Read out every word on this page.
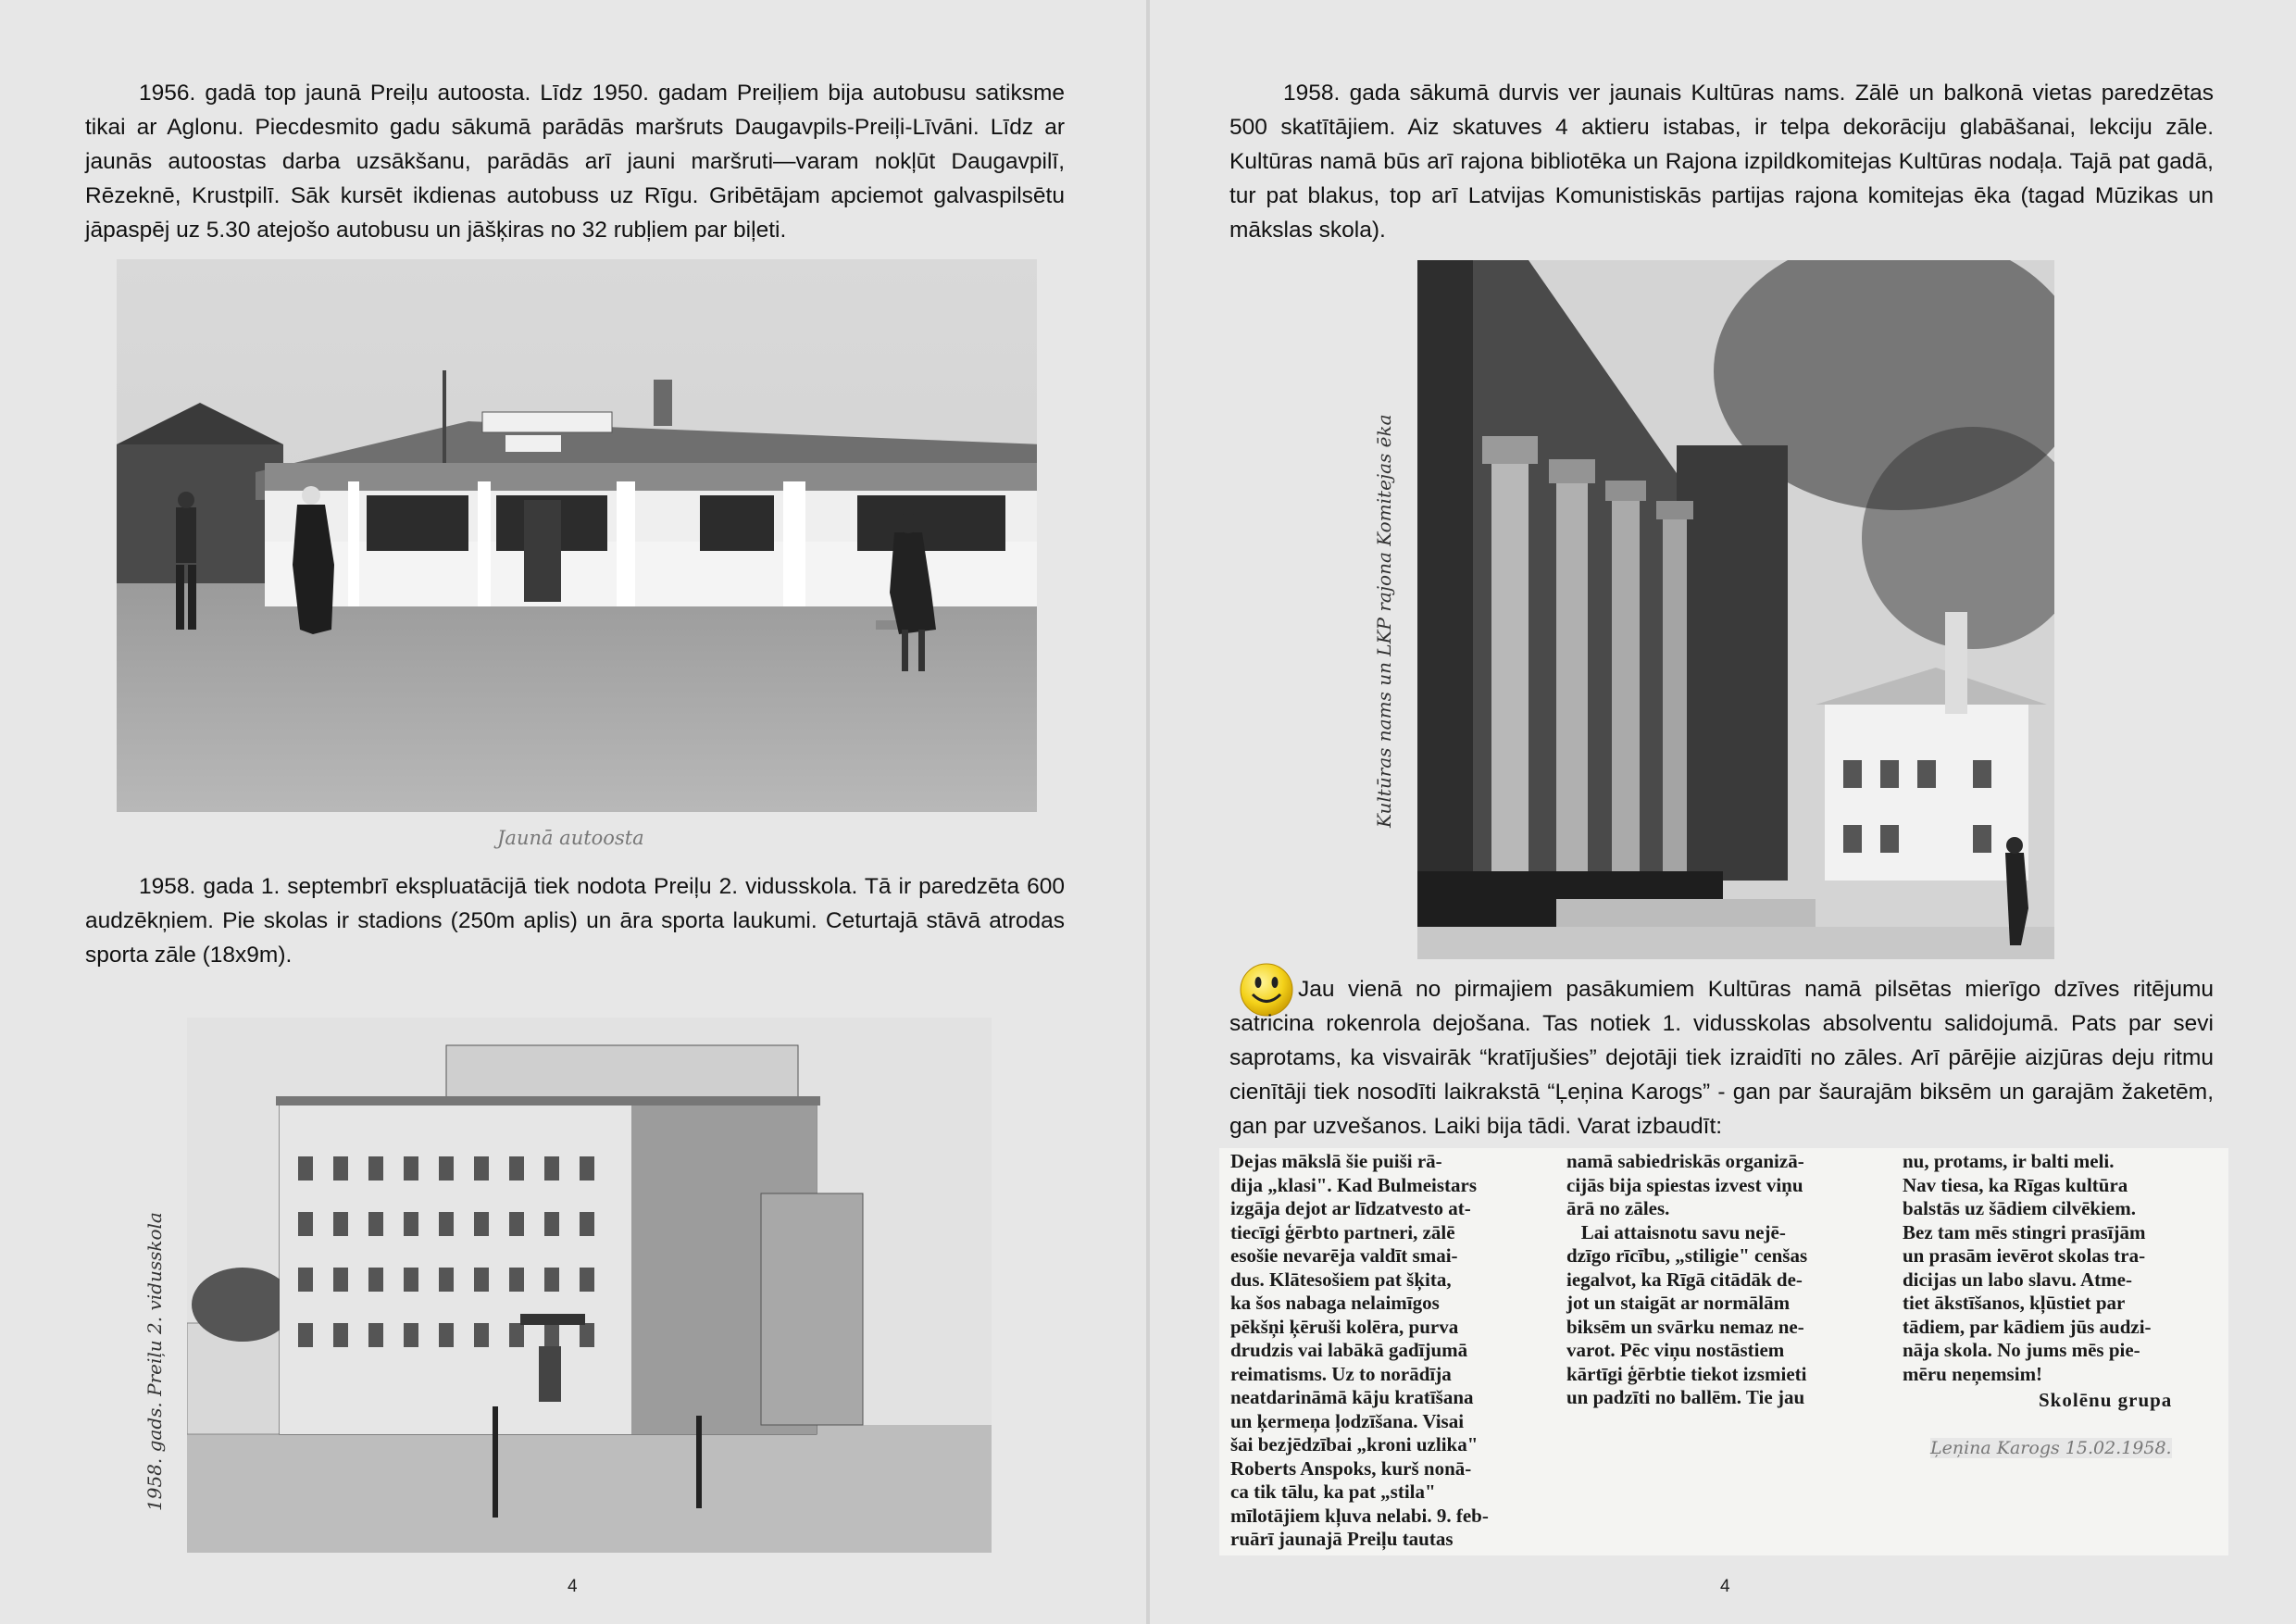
1956. gadā top jaunā Preiļu autoosta. Līdz 1950. gadam Preiļiem bija autobusu satiksme tikai ar Aglonu. Piecdesmito gadu sākumā parādās maršruts Daugavpils-Preiļi-Līvāni. Līdz ar jaunās autoostas darba uzsākšanu, parādās arī jauni maršruti—varam nokļūt Daugavpilī, Rēzeknē, Krustpilī. Sāk kursēt ikdienas autobuss uz Rīgu. Gribētājam apciemot galvaspilsētu jāpaspēj uz 5.30 atejošo autobusu un jāšķiras no 32 rubļiem par biļeti.

Jaunā autoosta

1958. gada 1. septembrī ekspluatācijā tiek nodota Preiļu 2. vidusskola. Tā ir paredzēta 600 audzēkņiem. Pie skolas ir stadions (250m aplis) un āra sporta laukumi. Ceturtajā stāvā atrodas sporta zāle (18x9m).

1958. gads. Preiļu 2. vidusskola
4

1958. gada sākumā durvis ver jaunais Kultūras nams. Zālē un balkonā vietas paredzētas 500 skatītājiem. Aiz skatuves 4 aktieru istabas, ir telpa dekorāciju glabāšanai, lekciju zāle. Kultūras namā būs arī rajona bibliotēka un Rajona izpildkomitejas Kultūras nodaļa. Tajā pat gadā, tur pat blakus, top arī Latvijas Komunistiskās partijas rajona komitejas ēka (tagad Mūzikas un mākslas skola).

Kultūras nams un LKP rajona Komitejas ēka

Jau vienā no pirmajiem pasākumiem Kultūras namā pilsētas mierīgo dzīves ritējumu satricina rokenrola dejošana. Tas notiek 1. vidusskolas absolventu salidojumā. Pats par sevi saprotams, ka visvairāk “kratījušies” dejotāji tiek izraidīti no zāles. Arī pārējie aizjūras deju ritmu cienītāji tiek nosodīti laikrakstā “Ļeņina Karogs” - gan par šaurajām biksēm un garajām žaketēm, gan par uzvešanos. Laiki bija tādi. Varat izbaudīt:

Dejas mākslā šie puiši rā-
dija „klasi". Kad Bulmeistars
izgāja dejot ar līdzatvesto at-
tiecīgi ģērbto partneri, zālē
esošie nevarēja valdīt smai-
dus. Klātesošiem pat šķita,
ka šos nabaga nelaimīgos
pēkšņi ķēruši kolēra, purva
drudzis vai labākā gadījumā
reimatisms. Uz to norādīja
neatdarināmā kāju kratīšana
un ķermeņa ļodzīšana. Visai
šai bezjēdzībai „kroni uzlika"
Roberts Anspoks, kurš nonā-
ca tik tālu, ka pat „stila"
mīlotājiem kļuva nelabi. 9. feb-
ruārī jaunajā Preiļu tautas
namā sabiedriskās organizā-
cijās bija spiestas izvest viņu
ārā no zāles.
Lai attaisnotu savu nejē-
dzīgo rīcību, „stiligie" cenšas
iegalvot, ka Rīgā citādāk de-
jot un staigāt ar normālām
biksēm un svārku nemaz ne-
varot. Pēc viņu nostāstiem
kārtīgi ģērbtie tiekot izsmieti
un padzīti no ballēm. Tie jau
nu, protams, ir balti meli.
Nav tiesa, ka Rīgas kultūra
balstās uz šādiem cilvēkiem.
Bez tam mēs stingri prasījām
un prasām ievērot skolas tra-
dicijas un labo slavu. Atme-
tiet ākstīšanos, kļūstiet par
tādiem, par kādiem jūs audzi-
nāja skola. No jums mēs pie-
mēru neņemsim!
Skolēnu grupa
Ļeņina Karogs 15.02.1958.
4
